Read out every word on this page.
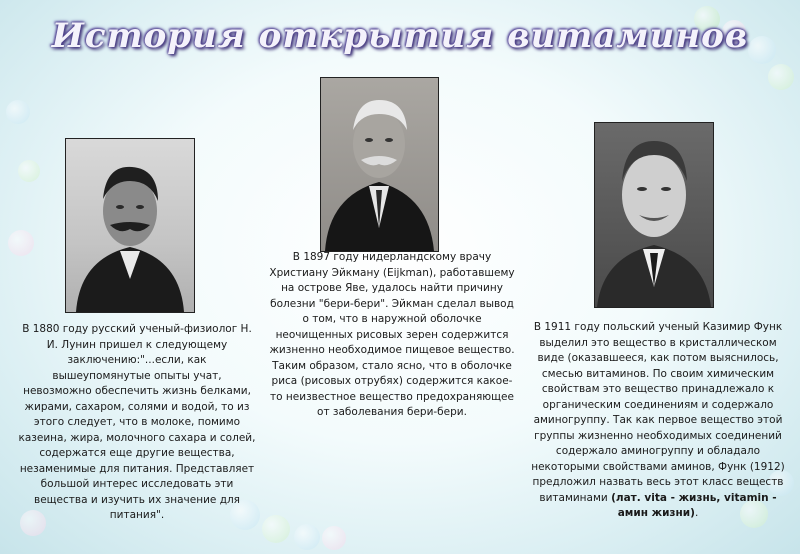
История открытия витаминов
В 1880 году русский ученый-физиолог Н. И. Лунин пришел к следующему заключению:"...если, как вышеупомянутые опыты учат, невозможно обеспечить жизнь белками, жирами, сахаром, солями и водой, то из этого следует, что в молоке, помимо казеина, жира, молочного сахара и солей, содержатся еще другие вещества, незаменимые для питания. Представляет большой интерес исследовать эти вещества и изучить их значение для питания".
В 1897 году нидерландскому врачу Христиану Эйкману (Eijkman), работавшему на острове Яве, удалось найти причину болезни "бери-бери". Эйкман сделал вывод о том, что в наружной оболочке неочищенных рисовых зерен содержится жизненно необходимое пищевое вещество. Таким образом, стало ясно, что в оболочке риса (рисовых отрубях) содержится какое-то неизвестное вещество предохраняющее от заболевания бери-бери.
В 1911 году польский ученый Казимир Функ выделил это вещество в кристаллическом виде (оказавшееся, как потом выяснилось, смесью витаминов. По своим химическим свойствам это вещество принадлежало к органическим соединениям и содержало аминогруппу. Так как первое вещество этой группы жизненно необходимых соединений содержало аминогруппу и обладало некоторыми свойствами аминов, Функ (1912) предложил назвать весь этот класс веществ витаминами (лат. vita - жизнь, vitamin - амин жизни).
